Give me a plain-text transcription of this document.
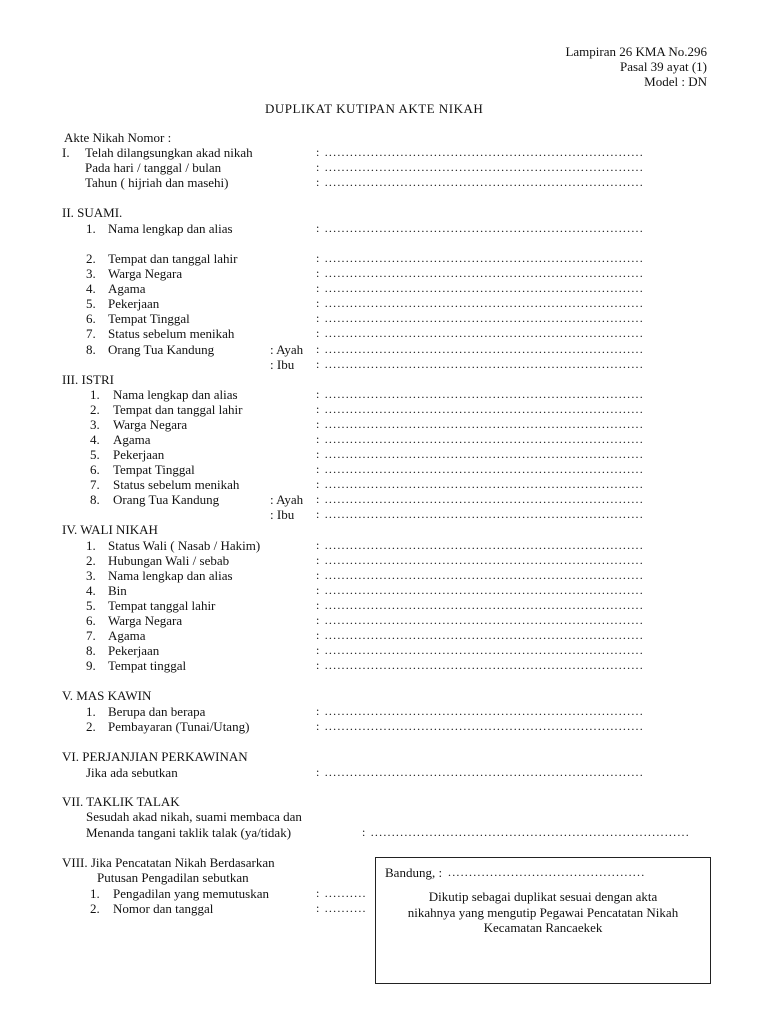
Lampiran 26 KMA No.296
Pasal 39 ayat (1)
Model : DN
DUPLIKAT KUTIPAN AKTE NIKAH
Akte Nikah Nomor :
I. Telah dilangsungkan akad nikah	: ............................................................................
Pada hari / tanggal / bulan	: ............................................................................
Tahun ( hijriah dan masehi)	: ............................................................................
II. SUAMI.
1. Nama lengkap dan alias	: ............................................................................
2. Tempat dan tanggal lahir	: ............................................................................
3. Warga Negara	: ............................................................................
4. Agama	: ............................................................................
5. Pekerjaan	: ............................................................................
6. Tempat Tinggal	: ............................................................................
7. Status sebelum menikah	: ............................................................................
8. Orang Tua Kandung	: Ayah : ............................................................................
: Ibu : ............................................................................
III. ISTRI
1. Nama lengkap dan alias	: ............................................................................
2. Tempat dan tanggal lahir	: ............................................................................
3. Warga Negara	: ............................................................................
4. Agama	: ............................................................................
5. Pekerjaan	: ............................................................................
6. Tempat Tinggal	: ............................................................................
7. Status sebelum menikah	: ............................................................................
8. Orang Tua Kandung	: Ayah : ............................................................................
: Ibu : ............................................................................
IV. WALI NIKAH
1. Status Wali ( Nasab / Hakim)	: ............................................................................
2. Hubungan Wali / sebab	: ............................................................................
3. Nama lengkap dan alias	: ............................................................................
4. Bin	: ............................................................................
5. Tempat tanggal lahir	: ............................................................................
6. Warga Negara	: ............................................................................
7. Agama	: ............................................................................
8. Pekerjaan	: ............................................................................
9. Tempat tinggal	: ............................................................................
V. MAS KAWIN
1. Berupa dan berapa	: ............................................................................
2. Pembayaran (Tunai/Utang)	: ............................................................................
VI. PERJANJIAN PERKAWINAN
Jika ada sebutkan	: ............................................................................
VII. TAKLIK TALAK
Sesudah akad nikah, suami membaca dan
Menanda tangani taklik talak (ya/tidak)	: ............................................................................
VIII. Jika Pencatatan Nikah Berdasarkan
Putusan Pengadilan sebutkan
1. Pengadilan yang memutuskan	: ..........
2. Nomor dan tanggal	: ..........
Bandung, : ...............................................
Dikutip sebagai duplikat sesuai dengan akta
nikahnya yang mengutip Pegawai Pencatatan Nikah
Kecamatan Rancaekek
